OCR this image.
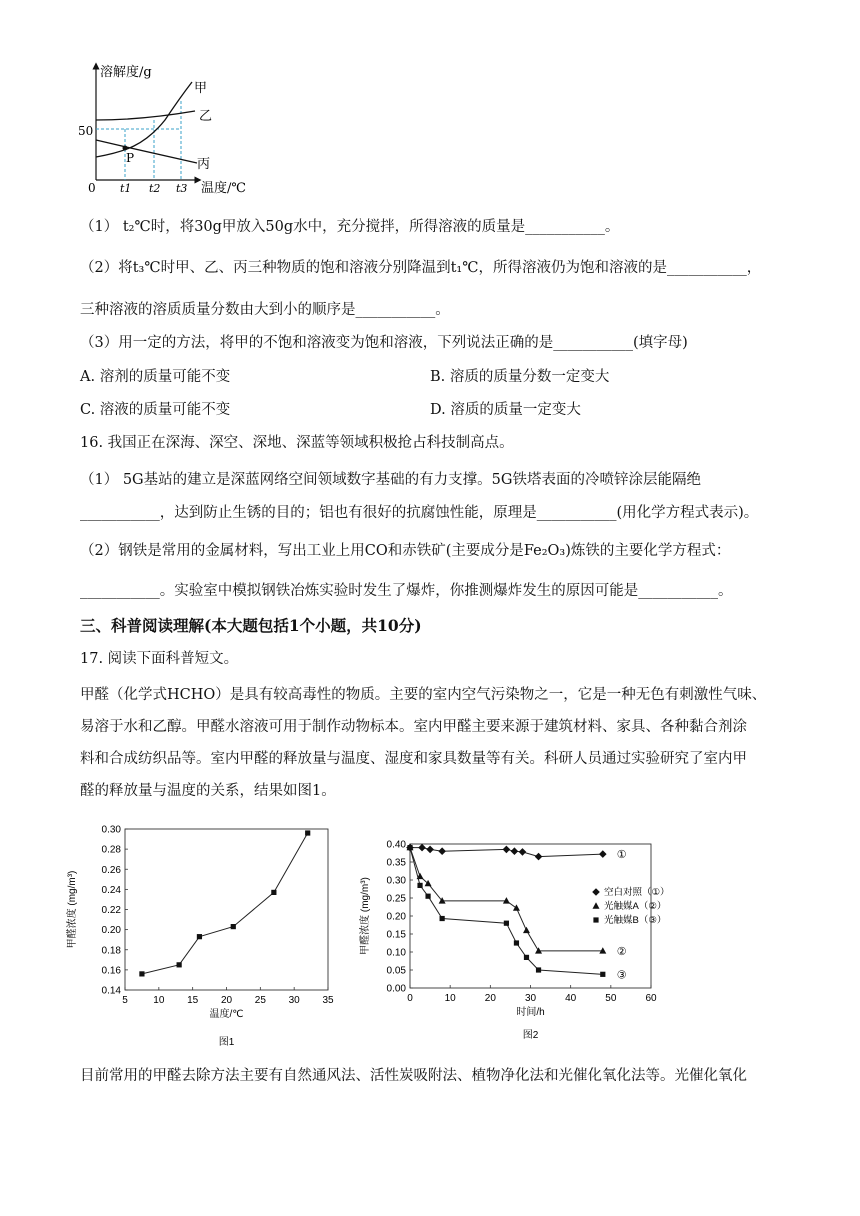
溶解度/g
温度/℃
0
50
P
甲
乙
丙
t1 t2 t3
（1） t₂℃时，将30g甲放入50g水中，充分搅拌，所得溶液的质量是___________。
（2）将t₃℃时甲、乙、丙三种物质的饱和溶液分别降温到t₁℃，所得溶液仍为饱和溶液的是___________，
三种溶液的溶质质量分数由大到小的顺序是___________。
（3）用一定的方法，将甲的不饱和溶液变为饱和溶液，下列说法正确的是___________(填字母)
A. 溶剂的质量可能不变	B. 溶质的质量分数一定变大
C. 溶液的质量可能不变	D. 溶质的质量一定变大
16. 我国正在深海、深空、深地、深蓝等领域积极抢占科技制高点。
（1） 5G基站的建立是深蓝网络空间领域数字基础的有力支撑。5G铁塔表面的冷喷锌涂层能隔绝
___________，达到防止生锈的目的；铝也有很好的抗腐蚀性能，原理是___________(用化学方程式表示)。
（2）钢铁是常用的金属材料，写出工业上用CO和赤铁矿(主要成分是Fe₂O₃)炼铁的主要化学方程式：
___________。实验室中模拟钢铁冶炼实验时发生了爆炸，你推测爆炸发生的原因可能是___________。
三、科普阅读理解(本大题包括1个小题，共10分)
17. 阅读下面科普短文。
甲醛（化学式HCHO）是具有较高毒性的物质。主要的室内空气污染物之一，它是一种无色有刺激性气味、
易溶于水和乙醇。甲醛水溶液可用于制作动物标本。室内甲醛主要来源于建筑材料、家具、各种黏合剂涂
料和合成纺织品等。室内甲醛的释放量与温度、湿度和家具数量等有关。科研人员通过实验研究了室内甲
醛的释放量与温度的关系，结果如图1。
5	10 15 20 25 30 35
0.14
0.16
0.18
0.20
0.22
0.24
0.26
0.28
0.30
温度/℃
甲醛浓度 (mg/m³)
图1
0	10	20	30	40	50	60
0.00
0.05
0.10
0.15
0.20
0.25
0.30
0.35
0.40
时间/h
甲醛浓度 (mg/m³)
图2
①
空白对照（①）
②
光触媒A（②）
③
光触媒B（③）
目前常用的甲醛去除方法主要有自然通风法、活性炭吸附法、植物净化法和光催化氧化法等。光催化氧化
